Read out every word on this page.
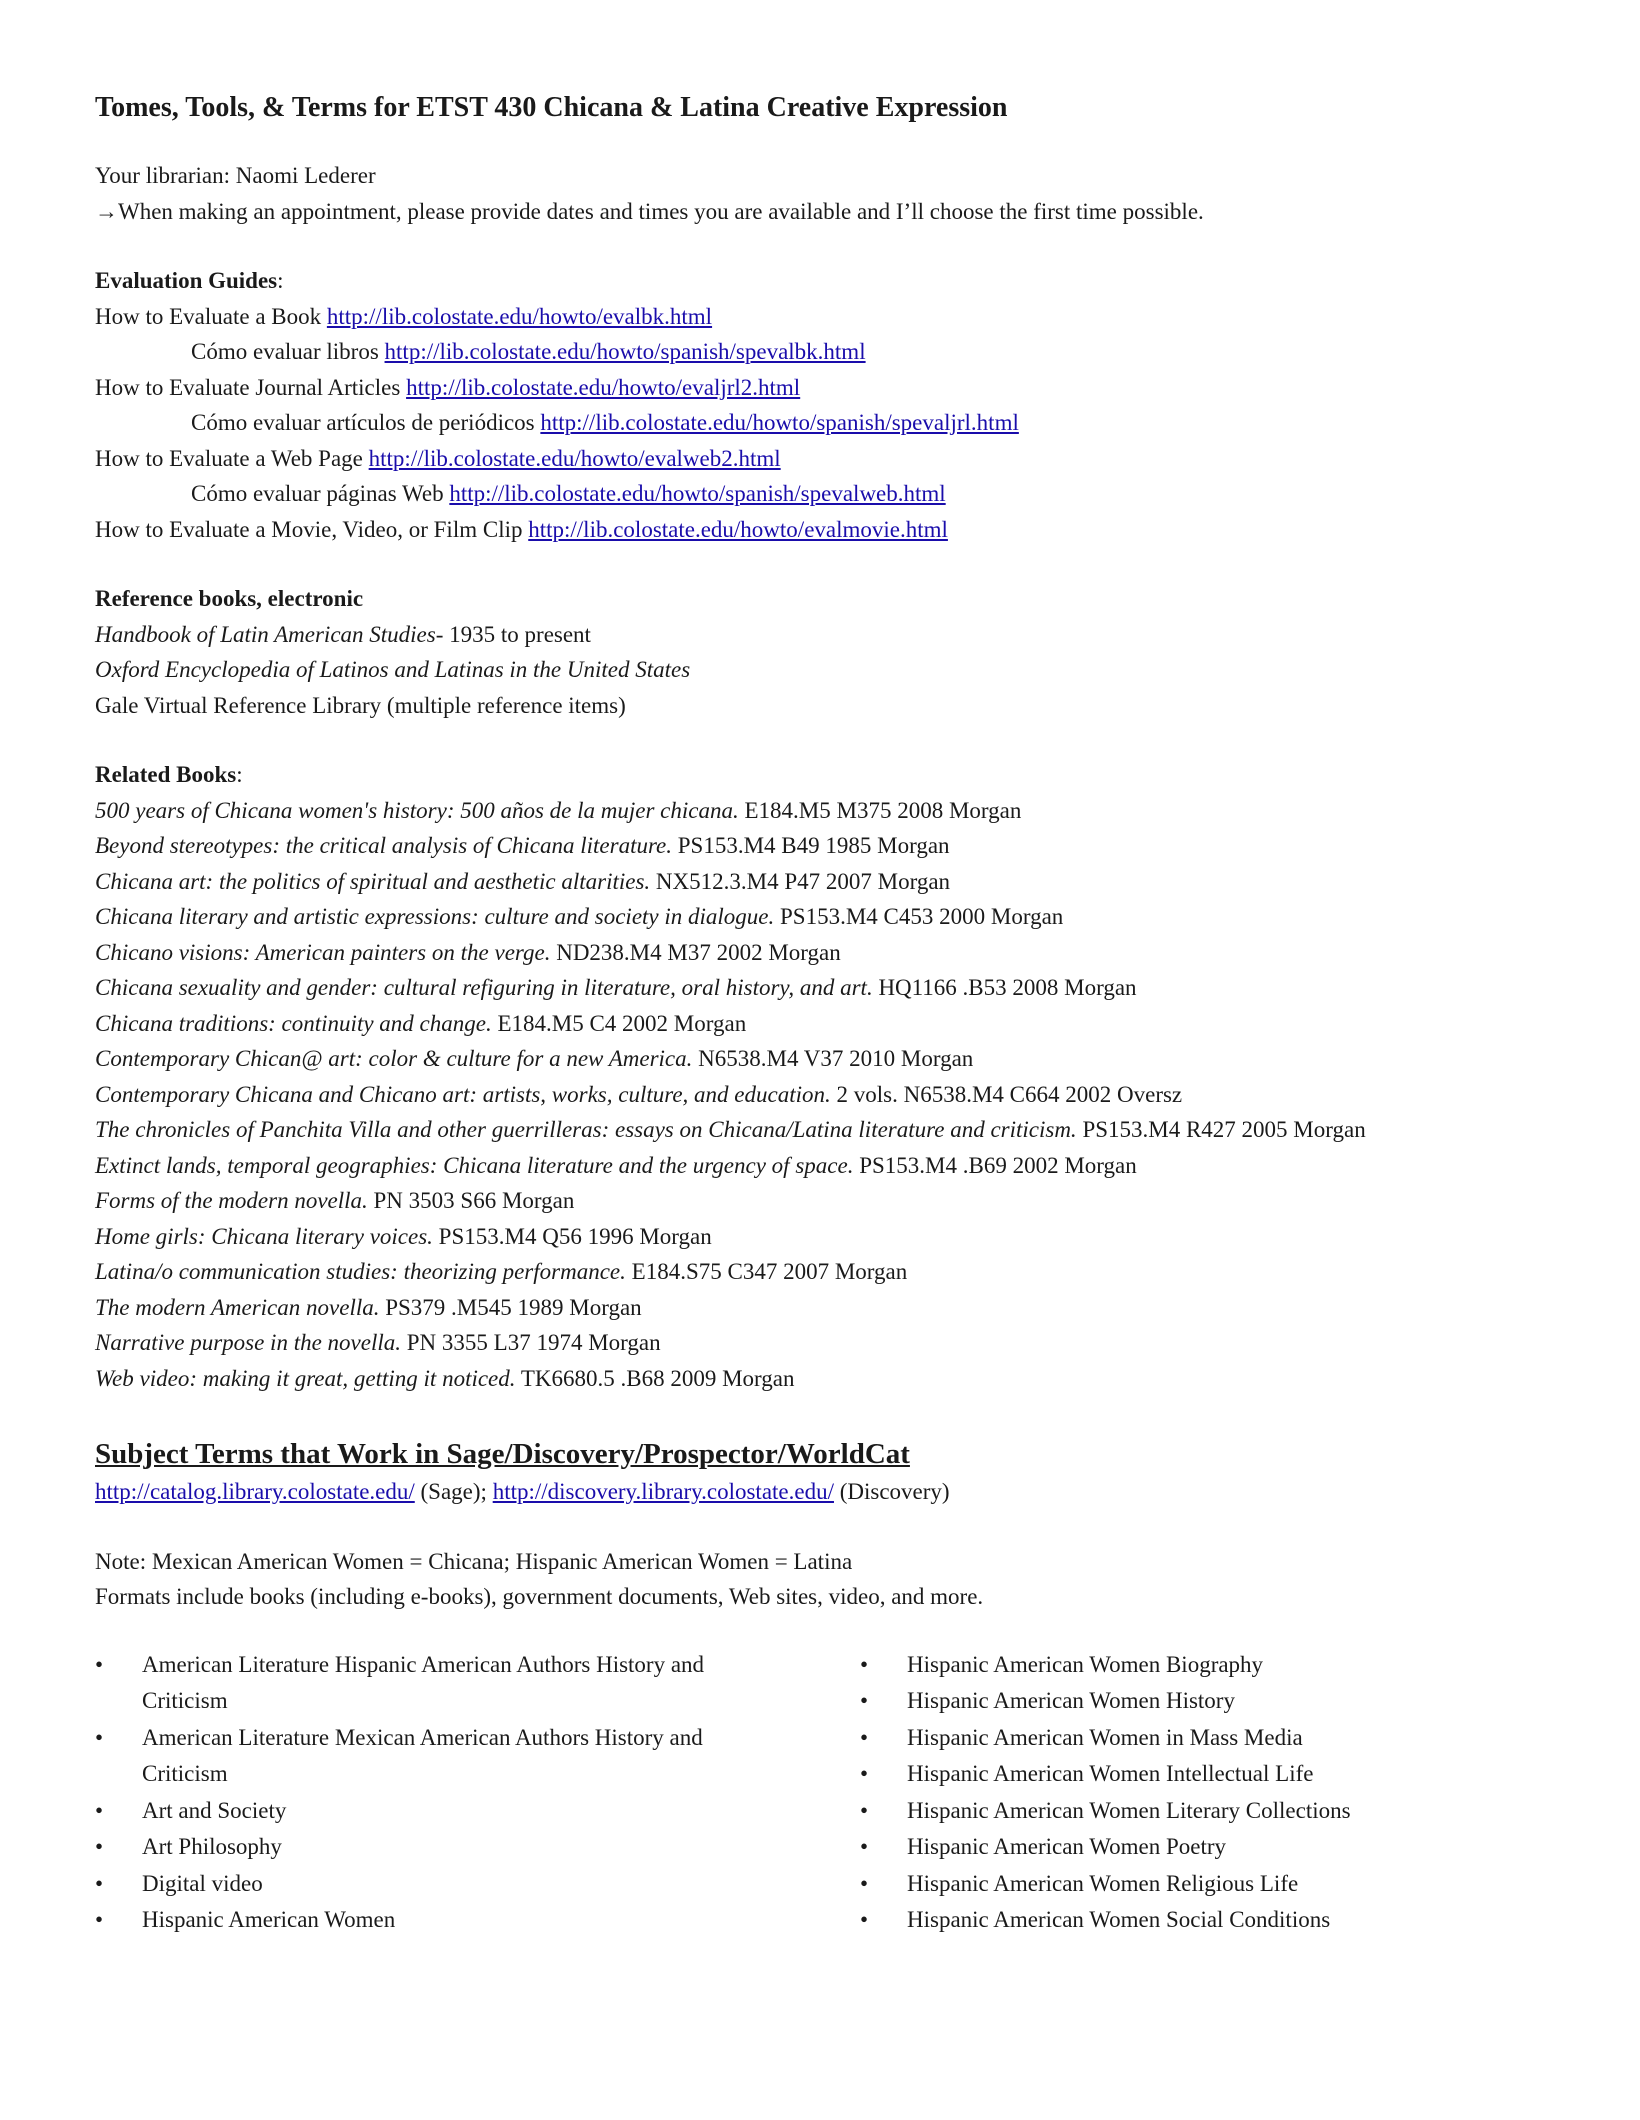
Tomes, Tools, & Terms for ETST 430 Chicana & Latina Creative Expression
Your librarian: Naomi Lederer
→When making an appointment, please provide dates and times you are available and I’ll choose the first time possible.
Evaluation Guides:
How to Evaluate a Book http://lib.colostate.edu/howto/evalbk.html
Cómo evaluar libros http://lib.colostate.edu/howto/spanish/spevalbk.html
How to Evaluate Journal Articles http://lib.colostate.edu/howto/evaljrl2.html
Cómo evaluar artículos de periódicos http://lib.colostate.edu/howto/spanish/spevaljrl.html
How to Evaluate a Web Page http://lib.colostate.edu/howto/evalweb2.html
Cómo evaluar páginas Web http://lib.colostate.edu/howto/spanish/spevalweb.html
How to Evaluate a Movie, Video, or Film Clip http://lib.colostate.edu/howto/evalmovie.html
Reference books, electronic
Handbook of Latin American Studies- 1935 to present
Oxford Encyclopedia of Latinos and Latinas in the United States
Gale Virtual Reference Library (multiple reference items)
Related Books:
500 years of Chicana women's history: 500 años de la mujer chicana. E184.M5 M375 2008 Morgan
Beyond stereotypes: the critical analysis of Chicana literature. PS153.M4 B49 1985 Morgan
Chicana art: the politics of spiritual and aesthetic altarities. NX512.3.M4 P47 2007 Morgan
Chicana literary and artistic expressions: culture and society in dialogue. PS153.M4 C453 2000 Morgan
Chicano visions: American painters on the verge. ND238.M4 M37 2002 Morgan
Chicana sexuality and gender: cultural refiguring in literature, oral history, and art. HQ1166 .B53 2008 Morgan
Chicana traditions: continuity and change. E184.M5 C4 2002 Morgan
Contemporary Chican@ art: color & culture for a new America. N6538.M4 V37 2010 Morgan
Contemporary Chicana and Chicano art: artists, works, culture, and education. 2 vols. N6538.M4 C664 2002 Oversz
The chronicles of Panchita Villa and other guerrilleras: essays on Chicana/Latina literature and criticism. PS153.M4 R427 2005 Morgan
Extinct lands, temporal geographies: Chicana literature and the urgency of space. PS153.M4 .B69 2002 Morgan
Forms of the modern novella. PN 3503 S66 Morgan
Home girls: Chicana literary voices. PS153.M4 Q56 1996 Morgan
Latina/o communication studies: theorizing performance. E184.S75 C347 2007 Morgan
The modern American novella. PS379 .M545 1989 Morgan
Narrative purpose in the novella. PN 3355 L37 1974 Morgan
Web video: making it great, getting it noticed. TK6680.5 .B68 2009 Morgan
Subject Terms that Work in Sage/Discovery/Prospector/WorldCat
http://catalog.library.colostate.edu/ (Sage); http://discovery.library.colostate.edu/ (Discovery)
Note: Mexican American Women = Chicana; Hispanic American Women = Latina
Formats include books (including e-books), government documents, Web sites, video, and more.
• American Literature Hispanic American Authors History and Criticism
• American Literature Mexican American Authors History and Criticism
• Art and Society
• Art Philosophy
• Digital video
• Hispanic American Women
• Hispanic American Women Biography
• Hispanic American Women History
• Hispanic American Women in Mass Media
• Hispanic American Women Intellectual Life
• Hispanic American Women Literary Collections
• Hispanic American Women Poetry
• Hispanic American Women Religious Life
• Hispanic American Women Social Conditions
